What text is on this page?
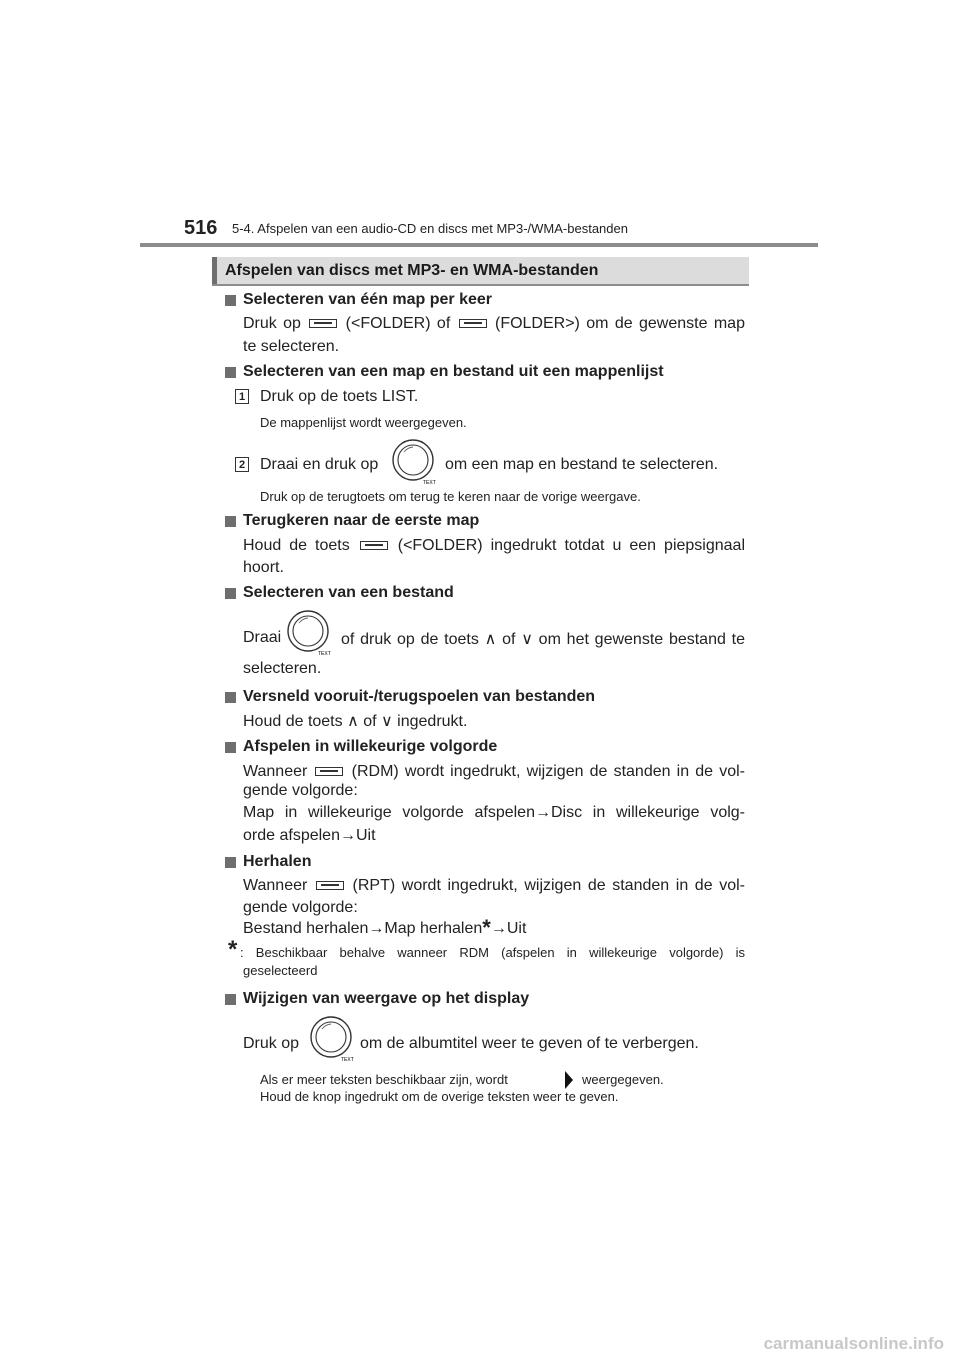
516 5-4. Afspelen van een audio-CD en discs met MP3-/WMA-bestanden
Afspelen van discs met MP3- en WMA-bestanden
Selecteren van één map per keer
Druk op	(<FOLDER) of	(FOLDER>) om de gewenste map
te selecteren.
Selecteren van een map en bestand uit een mappenlijst
1 Druk op de toets LIST.
De mappenlijst wordt weergegeven.
2 Draai en druk op
TEXT
om een map en bestand te selecteren.
Druk op de terugtoets om terug te keren naar de vorige weergave.
Terugkeren naar de eerste map
Houd de toets	(<FOLDER) ingedrukt totdat u een piepsignaal
hoort.
Selecteren van een bestand
Draai
TEXT
of druk op de toets ∧ of ∨ om het gewenste bestand te
selecteren.
Versneld vooruit-/terugspoelen van bestanden
Houd de toets ∧ of ∨ ingedrukt.
Afspelen in willekeurige volgorde
Wanneer	(RDM) wordt ingedrukt, wijzigen de standen in de vol-
gende volgorde:
Map in willekeurige volgorde afspelen→Disc in willekeurige volg-
orde afspelen→Uit
Herhalen
Wanneer	(RPT) wordt ingedrukt, wijzigen de standen in de vol-
gende volgorde:
Bestand herhalen→Map herhalen*→Uit
* : Beschikbaar behalve wanneer RDM (afspelen in willekeurige volgorde) is
geselecteerd
Wijzigen van weergave op het display
Druk op
TEXT
om de albumtitel weer te geven of te verbergen.
Als er meer teksten beschikbaar zijn, wordt	weergegeven.
Houd de knop ingedrukt om de overige teksten weer te geven.
carmanualsonline.info
